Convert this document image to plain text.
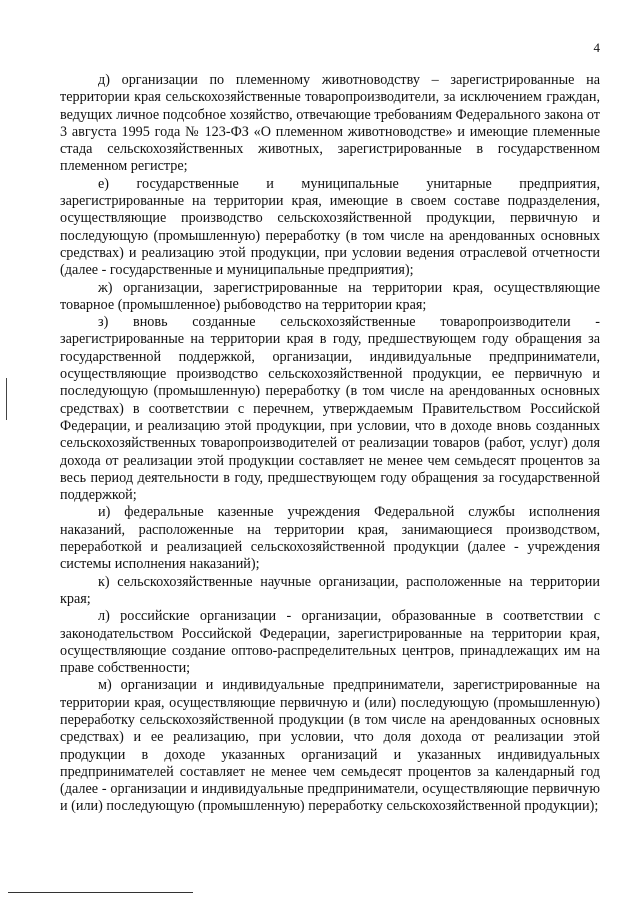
4

д) организации по племенному животноводству – зарегистрированные на территории края сельскохозяйственные товаропроизводители, за исключением граждан, ведущих личное подсобное хозяйство, отвечающие требованиям Федерального закона от 3 августа 1995 года № 123-ФЗ «О племенном животноводстве» и имеющие племенные стада сельскохозяйственных животных, зарегистрированные в государственном племенном регистре;

е) государственные и муниципальные унитарные предприятия, зарегистрированные на территории края, имеющие в своем составе подразделения, осуществляющие производство сельскохозяйственной продукции, первичную и последующую (промышленную) переработку (в том числе на арендованных основных средствах) и реализацию этой продукции, при условии ведения отраслевой отчетности (далее - государственные и муниципальные предприятия);

ж) организации, зарегистрированные на территории края, осуществляющие товарное (промышленное) рыбоводство на территории края;

з) вновь созданные сельскохозяйственные товаропроизводители - зарегистрированные на территории края в году, предшествующем году обращения за государственной поддержкой, организации, индивидуальные предприниматели, осуществляющие производство сельскохозяйственной продукции, ее первичную и последующую (промышленную) переработку (в том числе на арендованных основных средствах) в соответствии с перечнем, утверждаемым Правительством Российской Федерации, и реализацию этой продукции, при условии, что в доходе вновь созданных сельскохозяйственных товаропроизводителей от реализации товаров (работ, услуг) доля дохода от реализации этой продукции составляет не менее чем семьдесят процентов за весь период деятельности в году, предшествующем году обращения за государственной поддержкой;

и) федеральные казенные учреждения Федеральной службы исполнения наказаний, расположенные на территории края, занимающиеся производством, переработкой и реализацией сельскохозяйственной продукции (далее - учреждения системы исполнения наказаний);

к) сельскохозяйственные научные организации, расположенные на территории края;

л) российские организации - организации, образованные в соответствии с законодательством Российской Федерации, зарегистрированные на территории края, осуществляющие создание оптово-распределительных центров, принадлежащих им на праве собственности;

м) организации и индивидуальные предприниматели, зарегистрированные на территории края, осуществляющие первичную и (или) последующую (промышленную) переработку сельскохозяйственной продукции (в том числе на арендованных основных средствах) и ее реализацию, при условии, что доля дохода от реализации этой продукции в доходе указанных организаций и указанных индивидуальных предпринимателей составляет не менее чем семьдесят процентов за календарный год (далее - организации и индивидуальные предприниматели, осуществляющие первичную и (или) последующую (промышленную) переработку сельскохозяйственной продукции);
